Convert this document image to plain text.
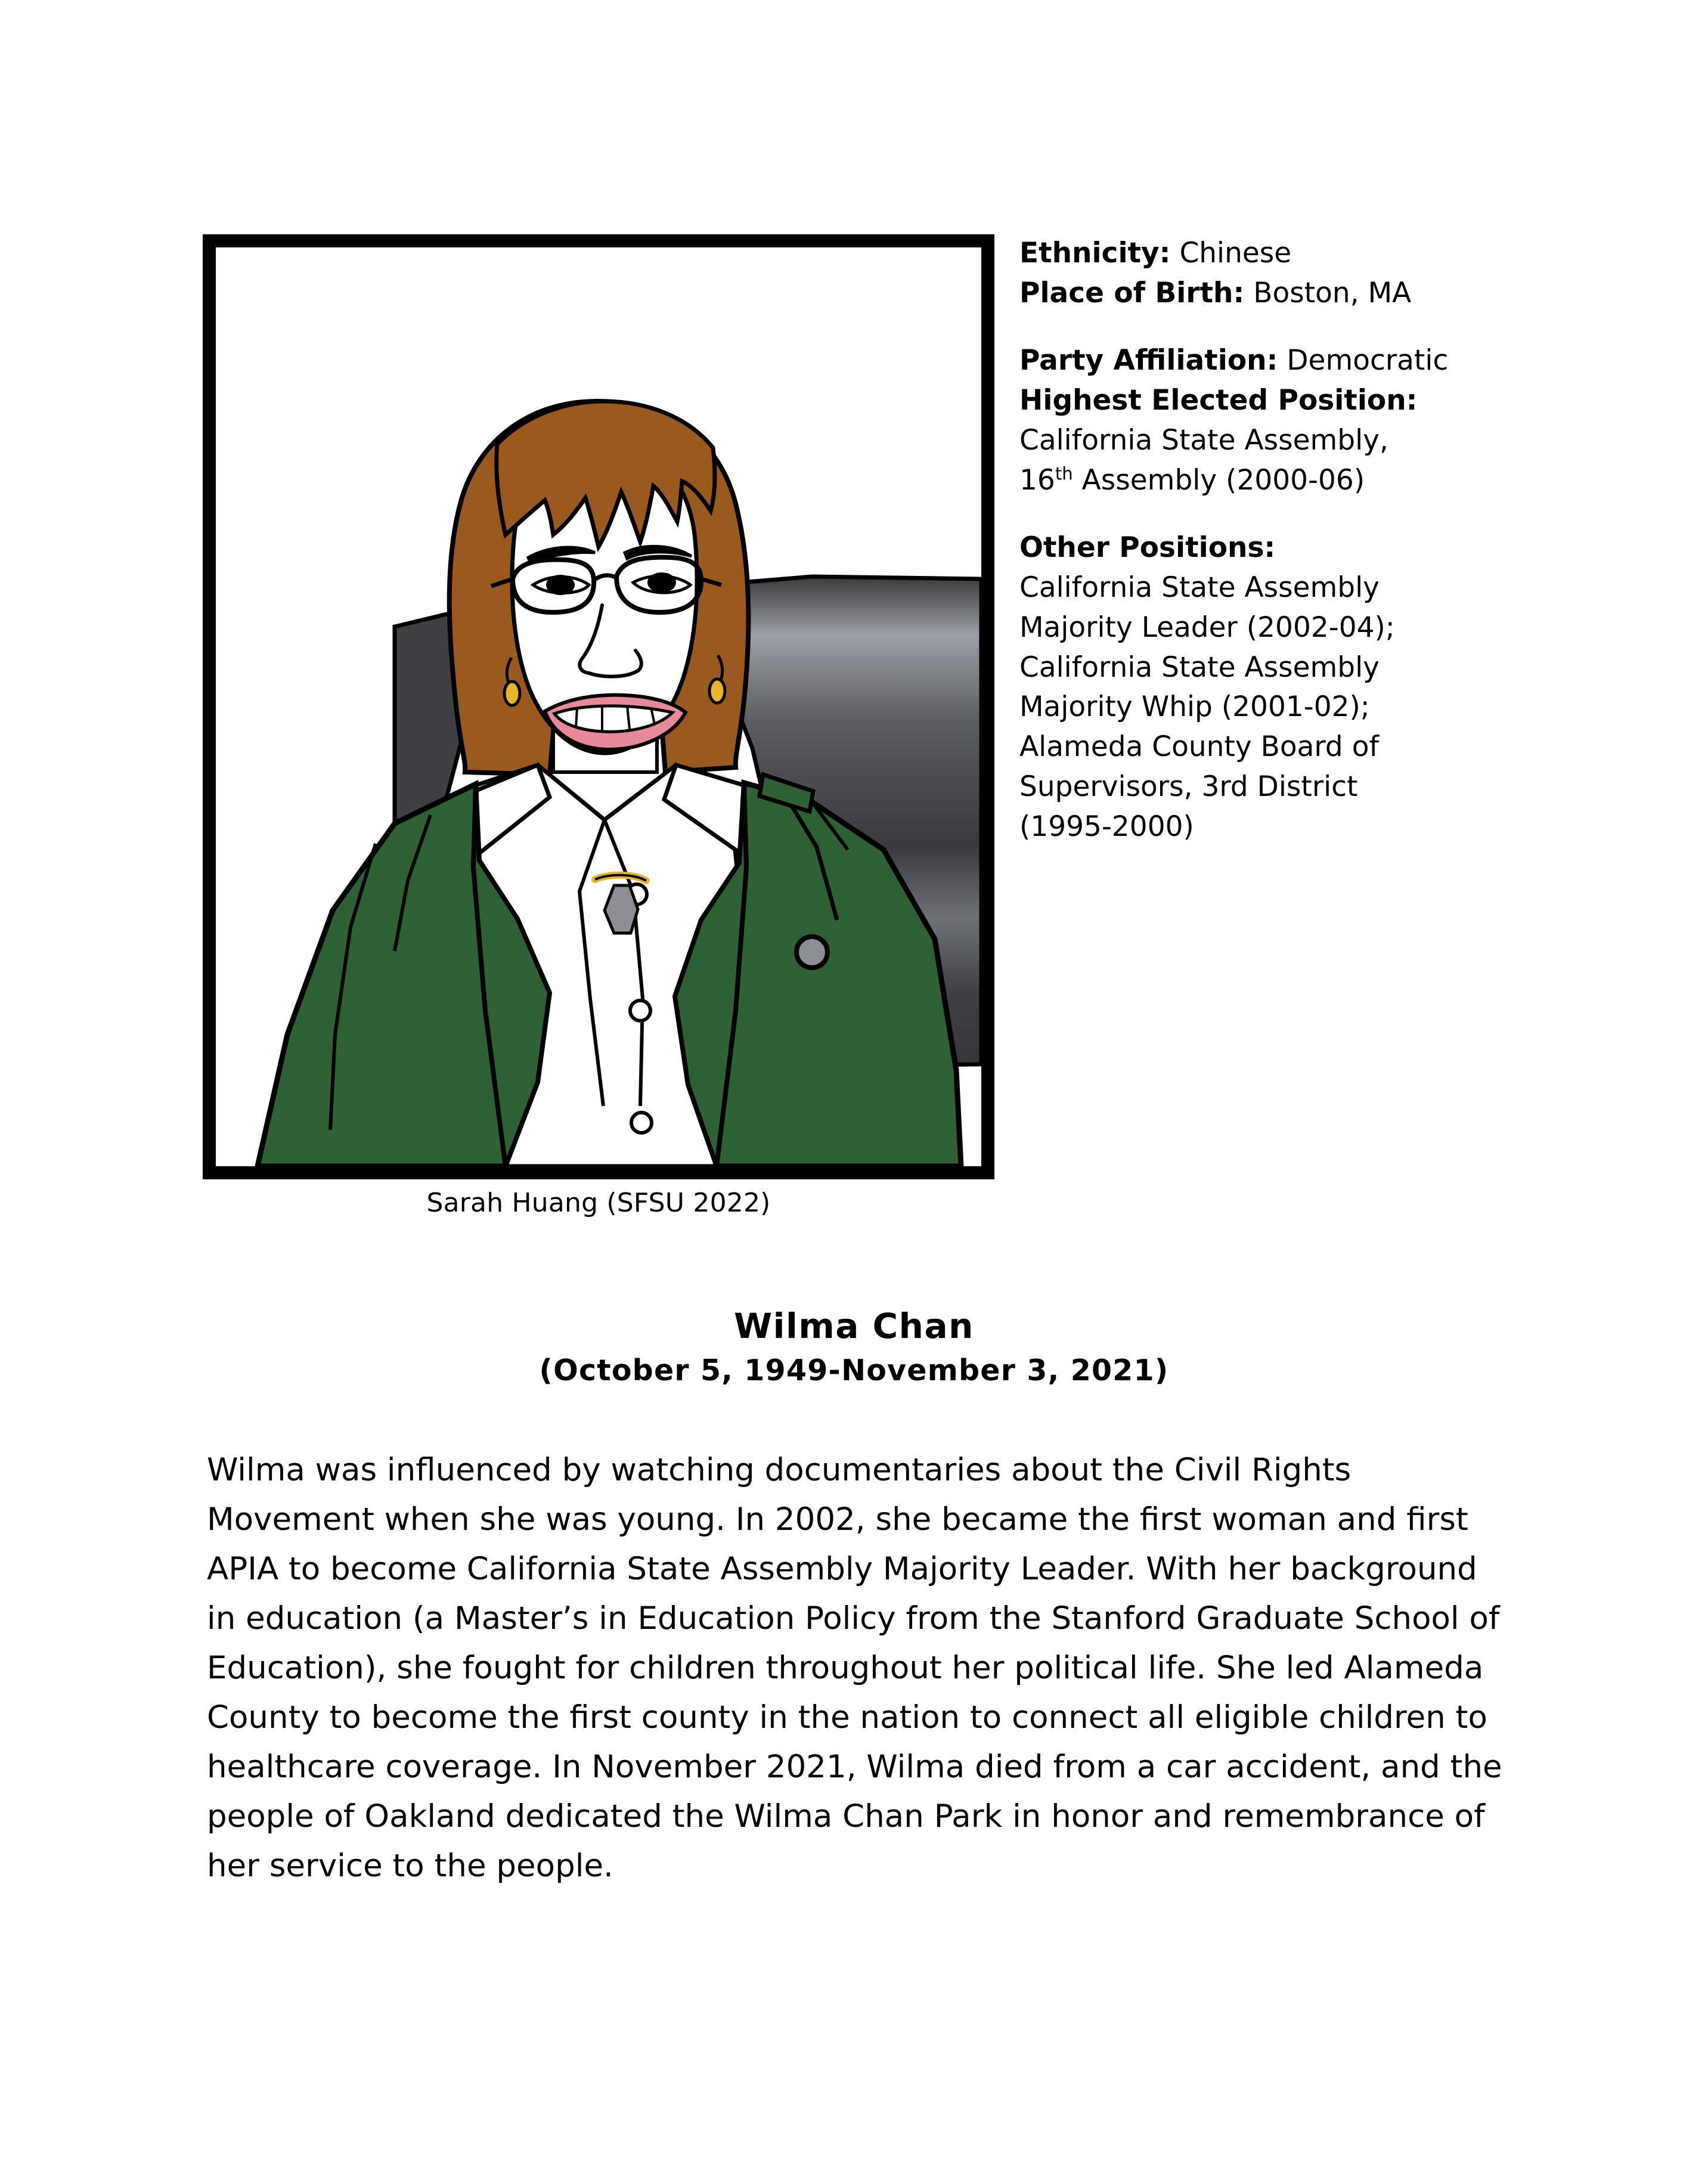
Sarah Huang (SFSU 2022)
Ethnicity: Chinese
Place of Birth: Boston, MA
Party Affiliation: Democratic
Highest Elected Position:
California State Assembly,
16th Assembly (2000-06)
Other Positions:
California State Assembly
Majority Leader (2002-04);
California State Assembly
Majority Whip (2001-02);
Alameda County Board of
Supervisors, 3rd District
(1995-2000)
Wilma Chan
(October 5, 1949-November 3, 2021)
Wilma was influenced by watching documentaries about the Civil Rights Movement when she was young. In 2002, she became the first woman and first APIA to become California State Assembly Majority Leader. With her background in education (a Master’s in Education Policy from the Stanford Graduate School of Education), she fought for children throughout her political life. She led Alameda County to become the first county in the nation to connect all eligible children to healthcare coverage. In November 2021, Wilma died from a car accident, and the people of Oakland dedicated the Wilma Chan Park in honor and remembrance of her service to the people.
